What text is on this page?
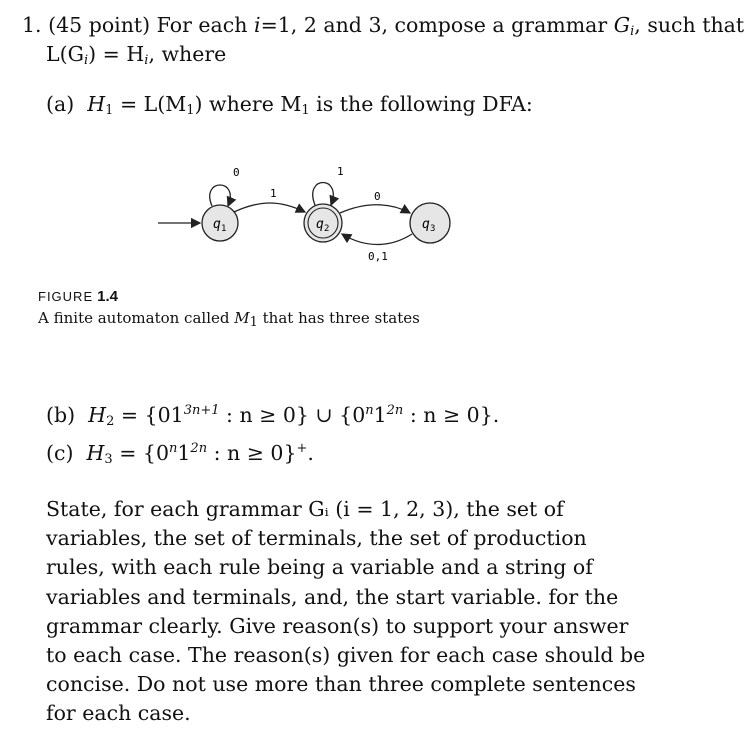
1. (45 point) For each i=1, 2 and 3, compose a grammar $G_i$, such that
$L(G_i) = H_i$, where
(a) $H_1 = L(M_1)$ where $M_1$ is the following DFA:
q 1
0
1
q 2
1
0
0,1
q 3
FIGURE 1.4
A finite automaton called $M_1$ that has three states
(b) $H_2 = \{01^{3n+1}$ : n ≥ 0} ∪ {$0^n1^{2n}$ : n ≥ 0}.
(c) $H_3 = \{0^n1^{2n}$ : n ≥ 0}+.
State, for each grammar Gᵢ (i = 1, 2, 3), the set of variables, the set of terminals, the set of production rules, with each rule being a variable and a string of variables and terminals, and, the start variable. for the grammar clearly. Give reason(s) to support your answer to each case. The reason(s) given for each case should be concise. Do not use more than three complete sentences for each case.
